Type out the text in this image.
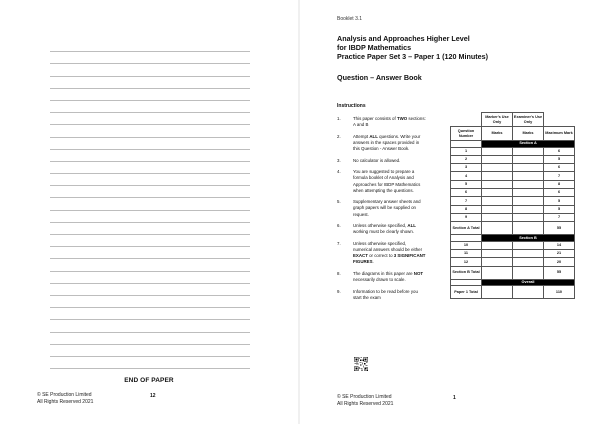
END OF PAPER
© SE Production Limited
All Rights Reserved 2021
12
Booklet 3.1
Analysis and Approaches Higher Level
for IBDP Mathematics
Practice Paper Set 3 – Paper 1 (120 Minutes)
Question – Answer Book
Instructions
1.	This paper consists of TWO sections:
A and B
2.	Attempt ALL questions. Write your
answers in the spaces provided in
this Question - Answer Book.
3.	No calculator is allowed.
4.	You are suggested to prepare a
formula booklet of Analysis and
Approaches for IBDP Mathematics
when attempting the questions.
5.	Supplementary answer sheets and
graph papers will be supplied on
request.
6.	Unless otherwise specified, ALL
working must be clearly shown.
7.	Unless otherwise specified,
numerical answers should be either
EXACT or correct to 3 SIGNIFICANT
FIGURES.
8.	The diagrams in this paper are NOT
necessarily drawn to scale.
9.	Information to be read before you
start the exam
	Marker's Use Only	Examiner's Use Only	
Question Number	Marks	Marks	Maximum Mark
	Section A		
1			6
2			5
3			6
4			7
5			8
6			6
7			5
8			5
9			7
Section A Total			55
	Section B		
10			14
11			21
12			20
Section B Total			55
	Overall		
Paper 1 Total			110
© SE Production Limited
All Rights Reserved 2021
1
